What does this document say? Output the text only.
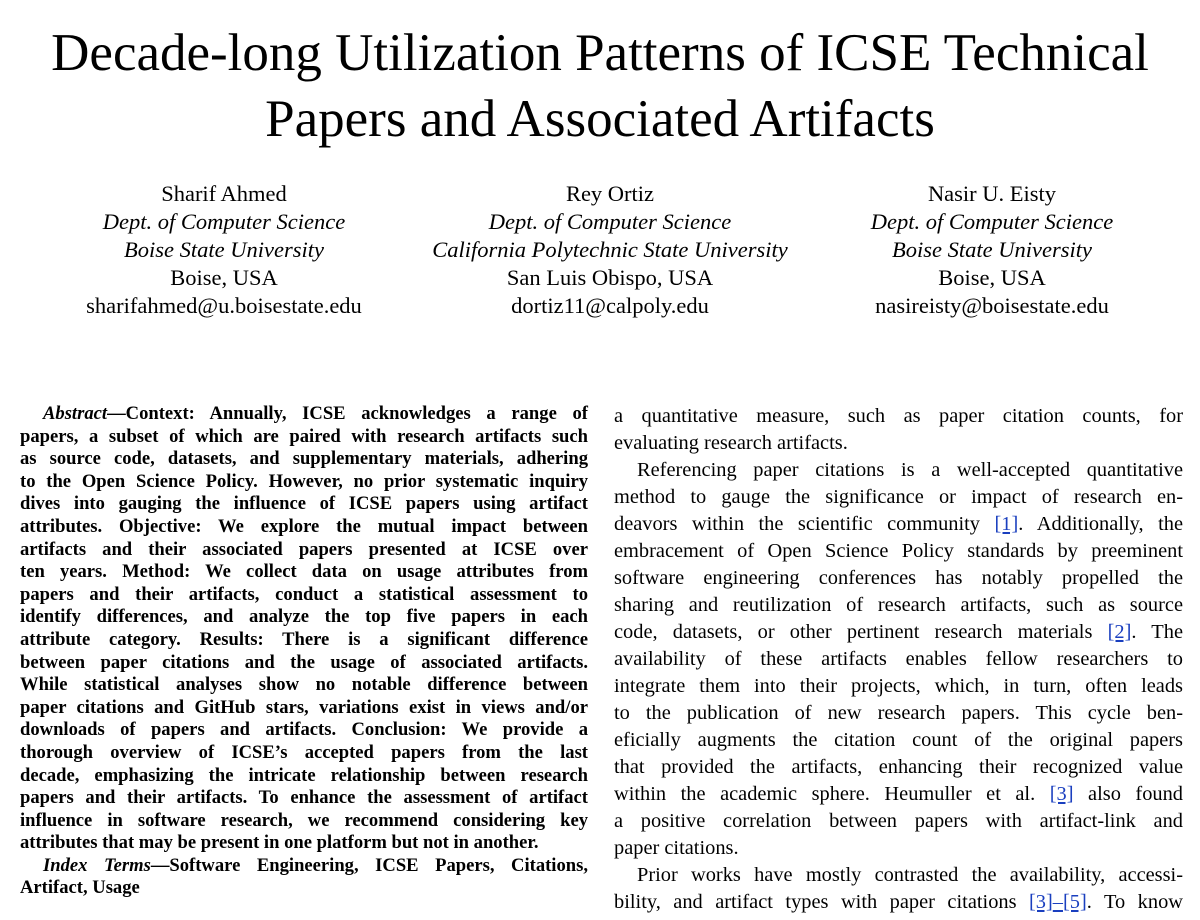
Decade-long Utilization Patterns of ICSE Technical
Papers and Associated Artifacts
Sharif Ahmed
Dept. of Computer Science
Boise State University
Boise, USA
sharifahmed@u.boisestate.edu
Rey Ortiz
Dept. of Computer Science
California Polytechnic State University
San Luis Obispo, USA
dortiz11@calpoly.edu
Nasir U. Eisty
Dept. of Computer Science
Boise State University
Boise, USA
nasireisty@boisestate.edu
Abstract—Context: Annually, ICSE acknowledges a range of
papers, a subset of which are paired with research artifacts such
as source code, datasets, and supplementary materials, adhering
to the Open Science Policy. However, no prior systematic inquiry
dives into gauging the influence of ICSE papers using artifact
attributes. Objective: We explore the mutual impact between
artifacts and their associated papers presented at ICSE over
ten years. Method: We collect data on usage attributes from
papers and their artifacts, conduct a statistical assessment to
identify differences, and analyze the top five papers in each
attribute category. Results: There is a significant difference
between paper citations and the usage of associated artifacts.
While statistical analyses show no notable difference between
paper citations and GitHub stars, variations exist in views and/or
downloads of papers and artifacts. Conclusion: We provide a
thorough overview of ICSE’s accepted papers from the last
decade, emphasizing the intricate relationship between research
papers and their artifacts. To enhance the assessment of artifact
influence in software research, we recommend considering key
attributes that may be present in one platform but not in another.
Index Terms—Software Engineering, ICSE Papers, Citations,
Artifact, Usage
a quantitative measure, such as paper citation counts, for
evaluating research artifacts.
Referencing paper citations is a well-accepted quantitative
method to gauge the significance or impact of research en-
deavors within the scientific community [1]. Additionally, the
embracement of Open Science Policy standards by preeminent
software engineering conferences has notably propelled the
sharing and reutilization of research artifacts, such as source
code, datasets, or other pertinent research materials [2]. The
availability of these artifacts enables fellow researchers to
integrate them into their projects, which, in turn, often leads
to the publication of new research papers. This cycle ben-
eficially augments the citation count of the original papers
that provided the artifacts, enhancing their recognized value
within the academic sphere. Heumuller et al. [3] also found
a positive correlation between papers with artifact-link and
paper citations.
Prior works have mostly contrasted the availability, accessi-
bility, and artifact types with paper citations [3]–[5]. To know
